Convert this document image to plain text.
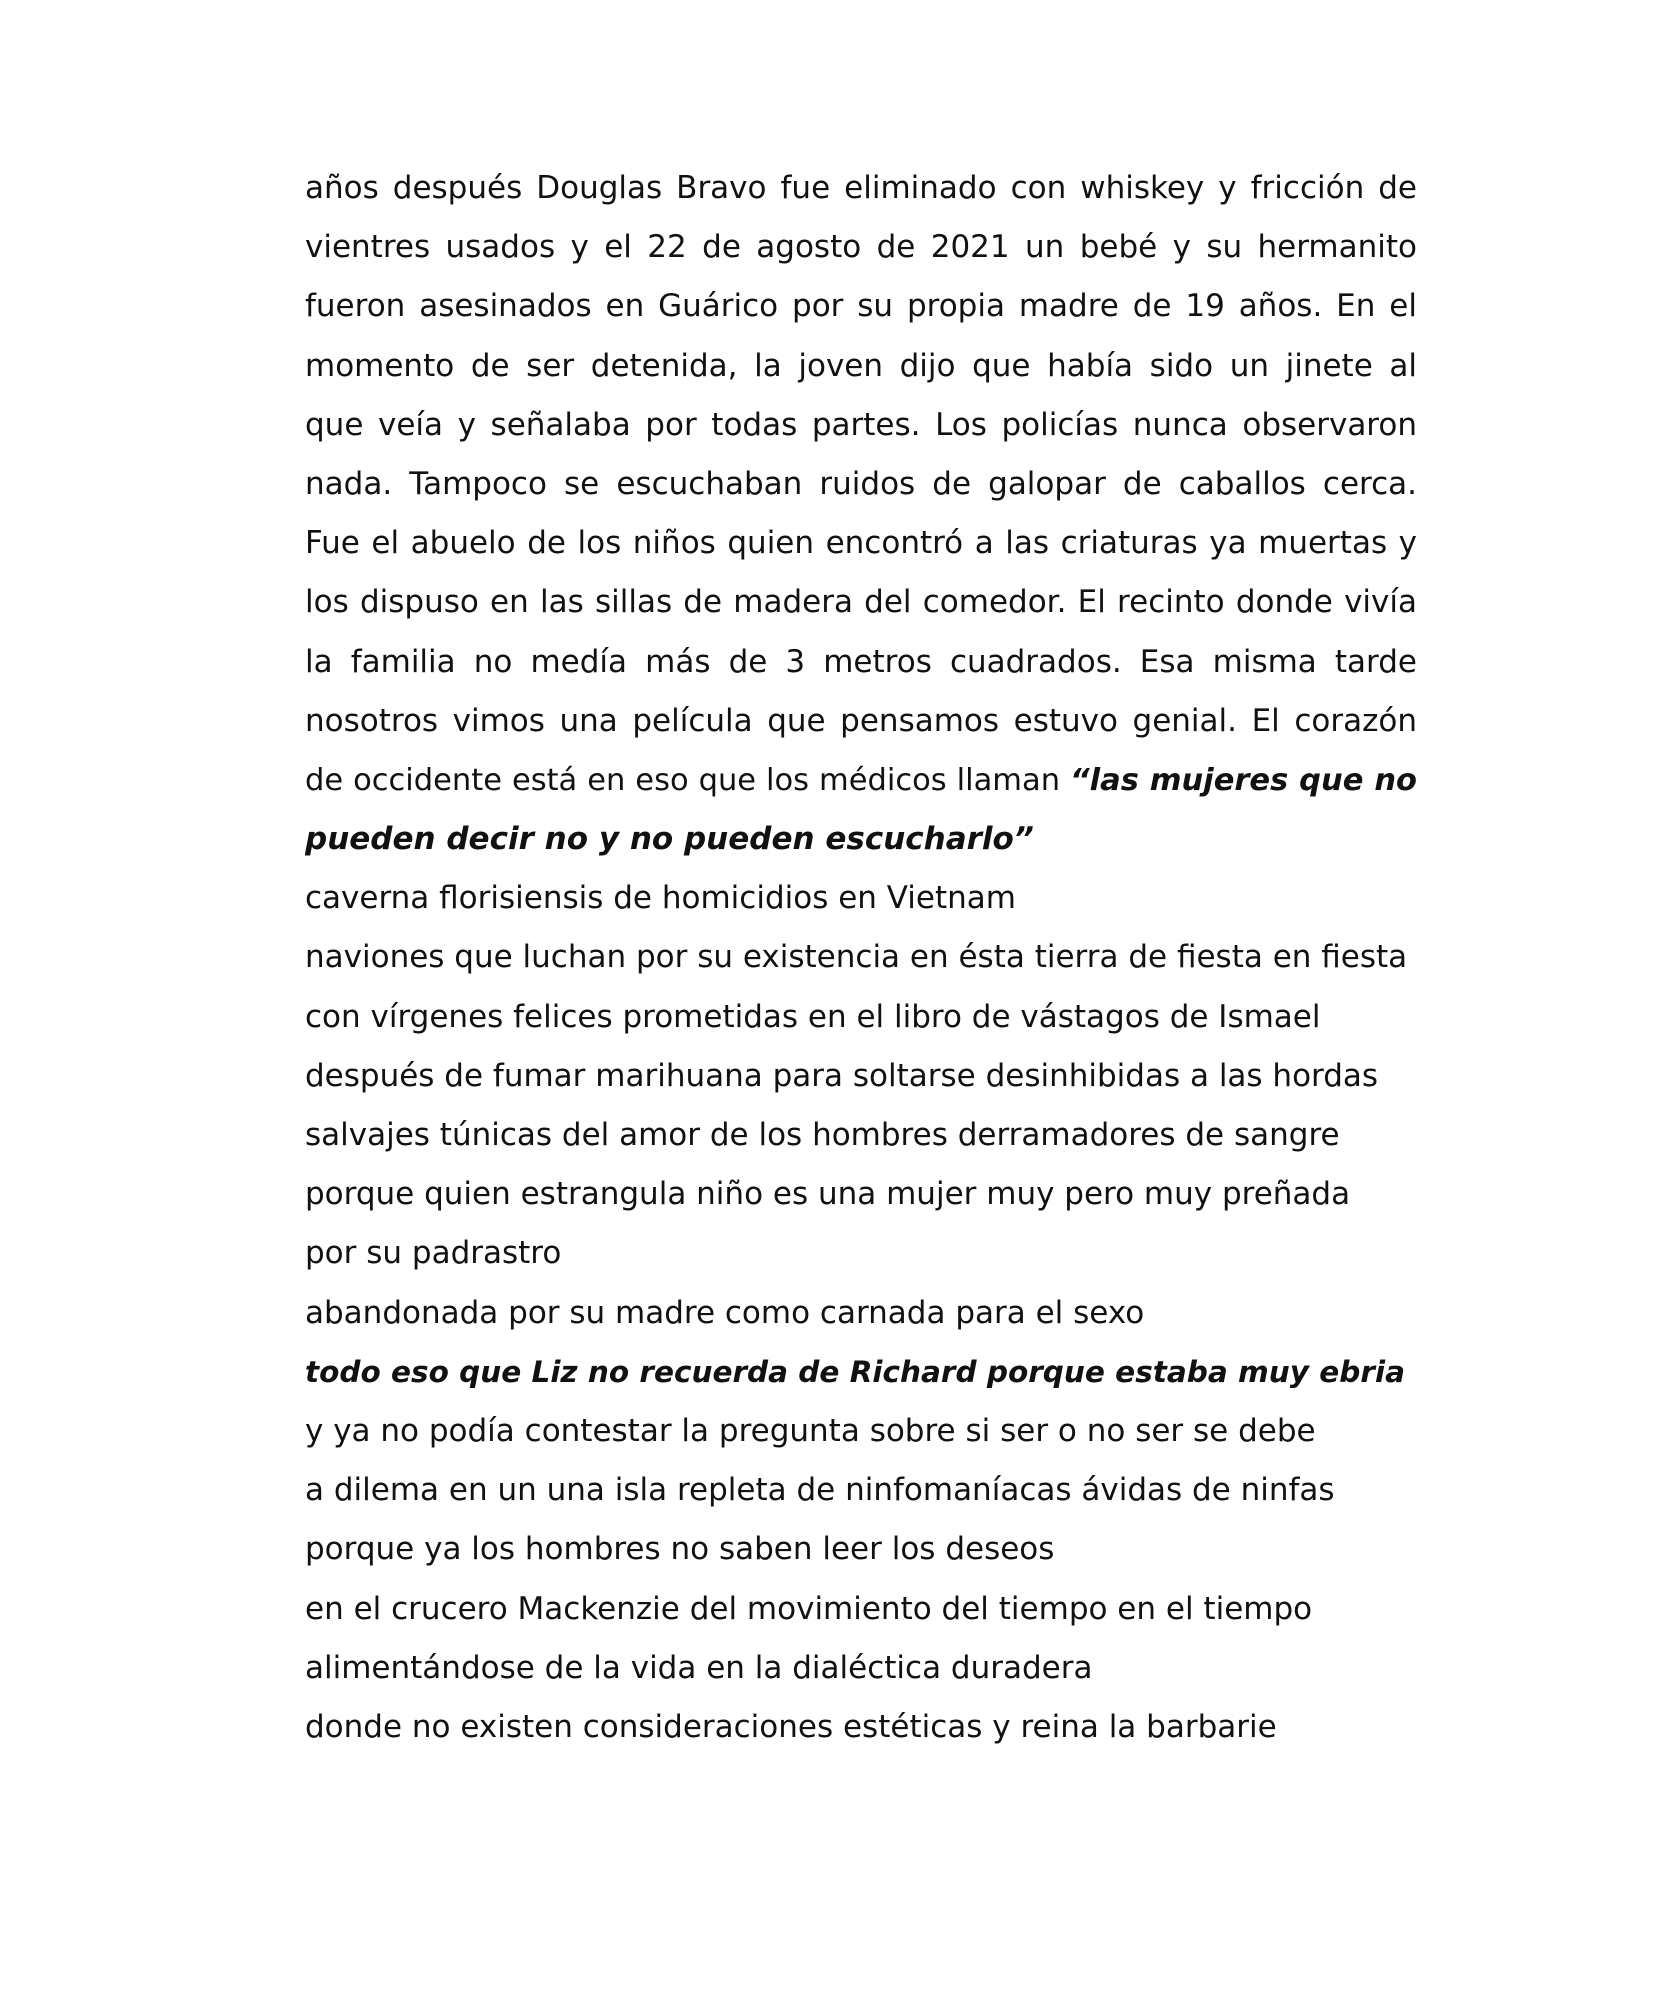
años después Douglas Bravo fue eliminado con whiskey y fricción de
vientres usados y el 22 de agosto de 2021 un bebé y su hermanito
fueron asesinados en Guárico por su propia madre de 19 años. En el
momento de ser detenida, la joven dijo que había sido un jinete al
que veía y señalaba por todas partes. Los policías nunca observaron
nada. Tampoco se escuchaban ruidos de galopar de caballos cerca.
Fue el abuelo de los niños quien encontró a las criaturas ya muertas y
los dispuso en las sillas de madera del comedor. El recinto donde vivía
la familia no medía más de 3 metros cuadrados. Esa misma tarde
nosotros vimos una película que pensamos estuvo genial. El corazón
de occidente está en eso que los médicos llaman “las mujeres que no
pueden decir no y no pueden escucharlo”
caverna florisiensis de homicidios en Vietnam
naviones que luchan por su existencia en ésta tierra de fiesta en fiesta
con vírgenes felices prometidas en el libro de vástagos de Ismael
después de fumar marihuana para soltarse desinhibidas a las hordas
salvajes túnicas del amor de los hombres derramadores de sangre
porque quien estrangula niño es una mujer muy pero muy preñada
por su padrastro
abandonada por su madre como carnada para el sexo
todo eso que Liz no recuerda de Richard porque estaba muy ebria
y ya no podía contestar la pregunta sobre si ser o no ser se debe
a dilema en un una isla repleta de ninfomaníacas ávidas de ninfas
porque ya los hombres no saben leer los deseos
en el crucero Mackenzie del movimiento del tiempo en el tiempo
alimentándose de la vida en la dialéctica duradera
donde no existen consideraciones estéticas y reina la barbarie
